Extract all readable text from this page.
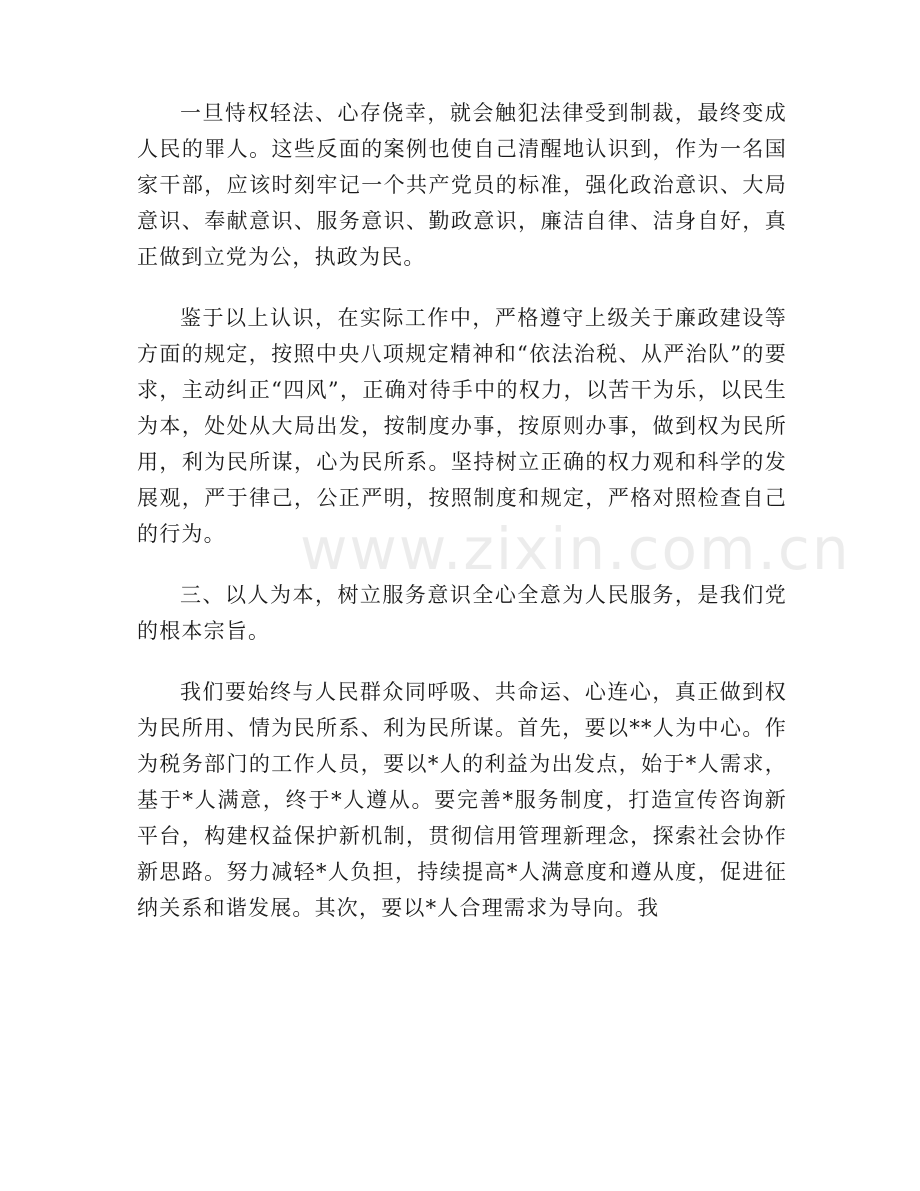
一旦恃权轻法、心存侥幸，就会触犯法律受到制裁，最终变成人民的罪人。这些反面的案例也使自己清醒地认识到，作为一名国家干部，应该时刻牢记一个共产党员的标准，强化政治意识、大局意识、奉献意识、服务意识、勤政意识，廉洁自律、洁身自好，真正做到立党为公，执政为民。

鉴于以上认识，在实际工作中，严格遵守上级关于廉政建设等方面的规定，按照中央八项规定精神和“依法治税、从严治队”的要求，主动纠正“四风”，正确对待手中的权力，以苦干为乐，以民生为本，处处从大局出发，按制度办事，按原则办事，做到权为民所用，利为民所谋，心为民所系。坚持树立正确的权力观和科学的发展观，严于律己，公正严明，按照制度和规定，严格对照检查自己的行为。

三、以人为本，树立服务意识全心全意为人民服务，是我们党的根本宗旨。

我们要始终与人民群众同呼吸、共命运、心连心，真正做到权为民所用、情为民所系、利为民所谋。首先，要以**人为中心。作为税务部门的工作人员，要以*人的利益为出发点，始于*人需求，基于*人满意，终于*人遵从。要完善*服务制度，打造宣传咨询新平台，构建权益保护新机制，贯彻信用管理新理念，探索社会协作新思路。努力减轻*人负担，持续提高*人满意度和遵从度，促进征纳关系和谐发展。其次，要以*人合理需求为导向。我

www.zixin.com.cn
